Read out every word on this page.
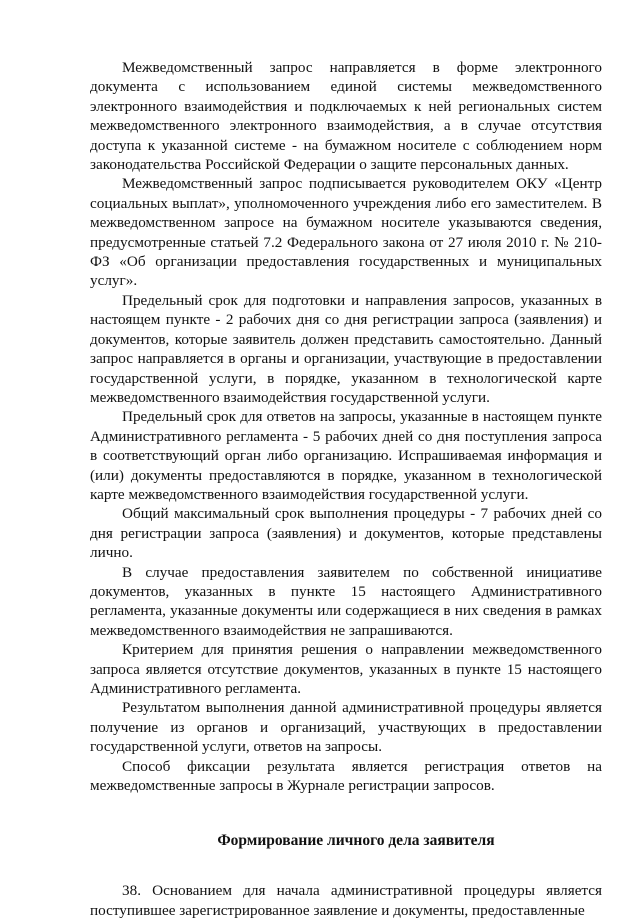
Межведомственный запрос направляется в форме электронного документа с использованием единой системы межведомственного электронного взаимодействия и подключаемых к ней региональных систем межведомственного электронного взаимодействия, а в случае отсутствия доступа к указанной системе - на бумажном носителе с соблюдением норм законодательства Российской Федерации о защите персональных данных.

Межведомственный запрос подписывается руководителем ОКУ «Центр социальных выплат», уполномоченного учреждения либо его заместителем. В межведомственном запросе на бумажном носителе указываются сведения, предусмотренные статьей 7.2 Федерального закона от 27 июля 2010 г. № 210-ФЗ «Об организации предоставления государственных и муниципальных услуг».

Предельный срок для подготовки и направления запросов, указанных в настоящем пункте - 2 рабочих дня со дня регистрации запроса (заявления) и документов, которые заявитель должен представить самостоятельно. Данный запрос направляется в органы и организации, участвующие в предоставлении государственной услуги, в порядке, указанном в технологической карте межведомственного взаимодействия государственной услуги.

Предельный срок для ответов на запросы, указанные в настоящем пункте Административного регламента - 5 рабочих дней со дня поступления запроса в соответствующий орган либо организацию. Испрашиваемая информация и (или) документы предоставляются в порядке, указанном в технологической карте межведомственного взаимодействия государственной услуги.

Общий максимальный срок выполнения процедуры - 7 рабочих дней со дня регистрации запроса (заявления) и документов, которые представлены лично.

В случае предоставления заявителем по собственной инициативе документов, указанных в пункте 15 настоящего Административного регламента, указанные документы или содержащиеся в них сведения в рамках межведомственного взаимодействия не запрашиваются.

Критерием для принятия решения о направлении межведомственного запроса является отсутствие документов, указанных в пункте 15 настоящего Административного регламента.

Результатом выполнения данной административной процедуры является получение из органов и организаций, участвующих в предоставлении государственной услуги, ответов на запросы.

Способ фиксации результата является регистрация ответов на межведомственные запросы в Журнале регистрации запросов.

Формирование личного дела заявителя

38. Основанием для начала административной процедуры является поступившее зарегистрированное заявление и документы, предоставленные
